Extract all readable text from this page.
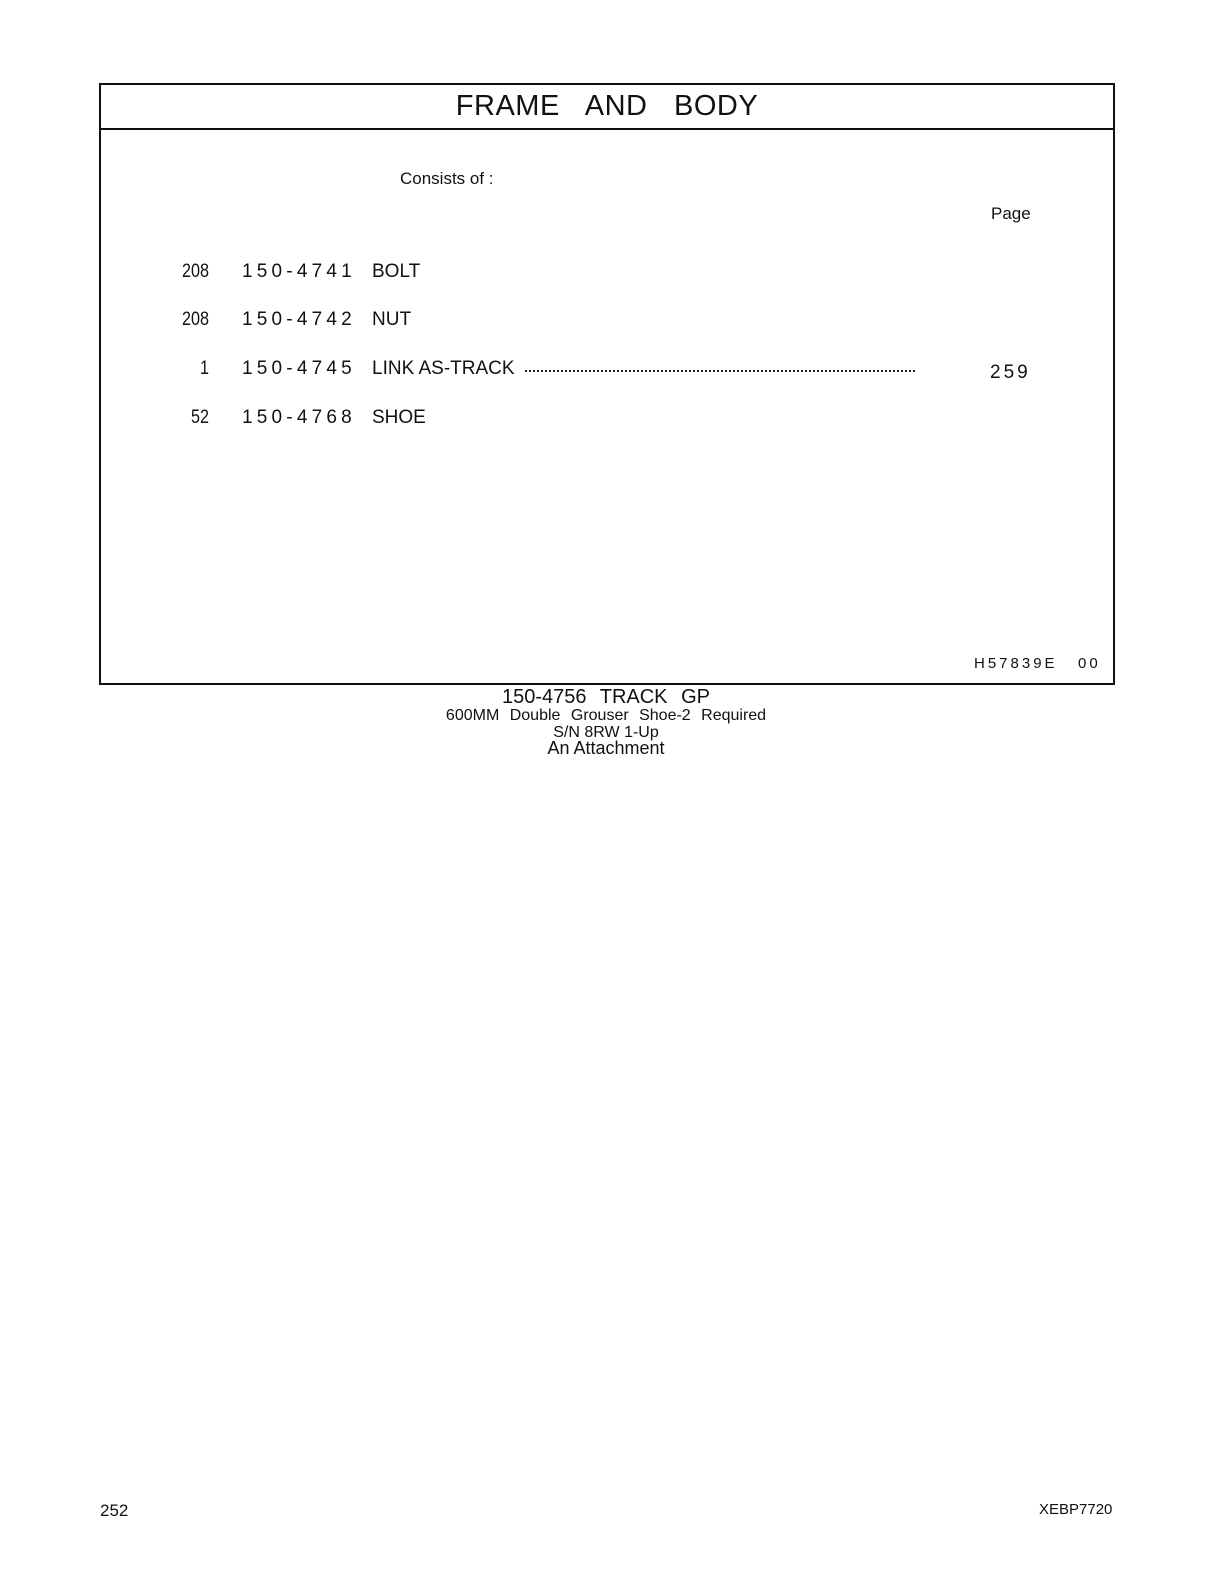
FRAME AND BODY
Consists of :
Page
208 150-4741 BOLT
208 150-4742 NUT
1 150-4745 LINK AS-TRACK	259
52 150-4768 SHOE
H57839E 00
150-4756 TRACK GP
600MM Double Grouser Shoe-2 Required
S/N 8RW 1-Up
An Attachment
252	XEBP7720
